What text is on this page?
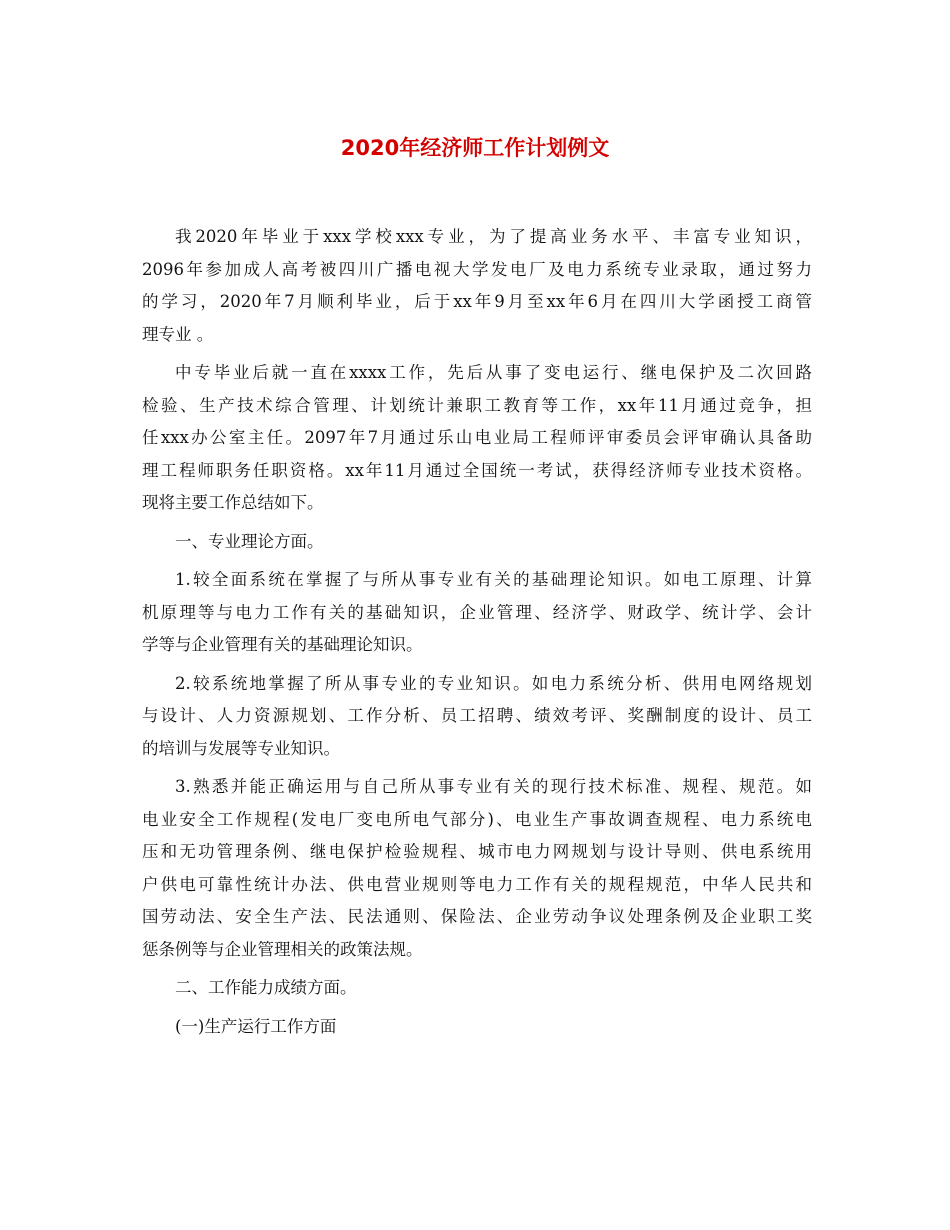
2020年经济师工作计划例文
我2020年毕业于xxx学校xxx专业，为了提高业务水平、丰富专业知识，
2096年参加成人高考被四川广播电视大学发电厂及电力系统专业录取，通过努力
的学习，2020年7月顺利毕业，后于xx年9月至xx年6月在四川大学函授工商管
理专业 。
中专毕业后就一直在xxxx工作，先后从事了变电运行、继电保护及二次回路
检验、生产技术综合管理、计划统计兼职工教育等工作，xx年11月通过竞争，担
任xxx办公室主任。2097年7月通过乐山电业局工程师评审委员会评审确认具备助
理工程师职务任职资格。xx年11月通过全国统一考试，获得经济师专业技术资格。
现将主要工作总结如下。
一、专业理论方面。
1.较全面系统在掌握了与所从事专业有关的基础理论知识。如电工原理、计算
机原理等与电力工作有关的基础知识，企业管理、经济学、财政学、统计学、会计
学等与企业管理有关的基础理论知识。
2.较系统地掌握了所从事专业的专业知识。如电力系统分析、供用电网络规划
与设计、人力资源规划、工作分析、员工招聘、绩效考评、奖酬制度的设计、员工
的培训与发展等专业知识。
3.熟悉并能正确运用与自己所从事专业有关的现行技术标准、规程、规范。如
电业安全工作规程(发电厂变电所电气部分)、电业生产事故调查规程、电力系统电
压和无功管理条例、继电保护检验规程、城市电力网规划与设计导则、供电系统用
户供电可靠性统计办法、供电营业规则等电力工作有关的规程规范，中华人民共和
国劳动法、安全生产法、民法通则、保险法、企业劳动争议处理条例及企业职工奖
惩条例等与企业管理相关的政策法规。
二、工作能力成绩方面。
(一)生产运行工作方面
